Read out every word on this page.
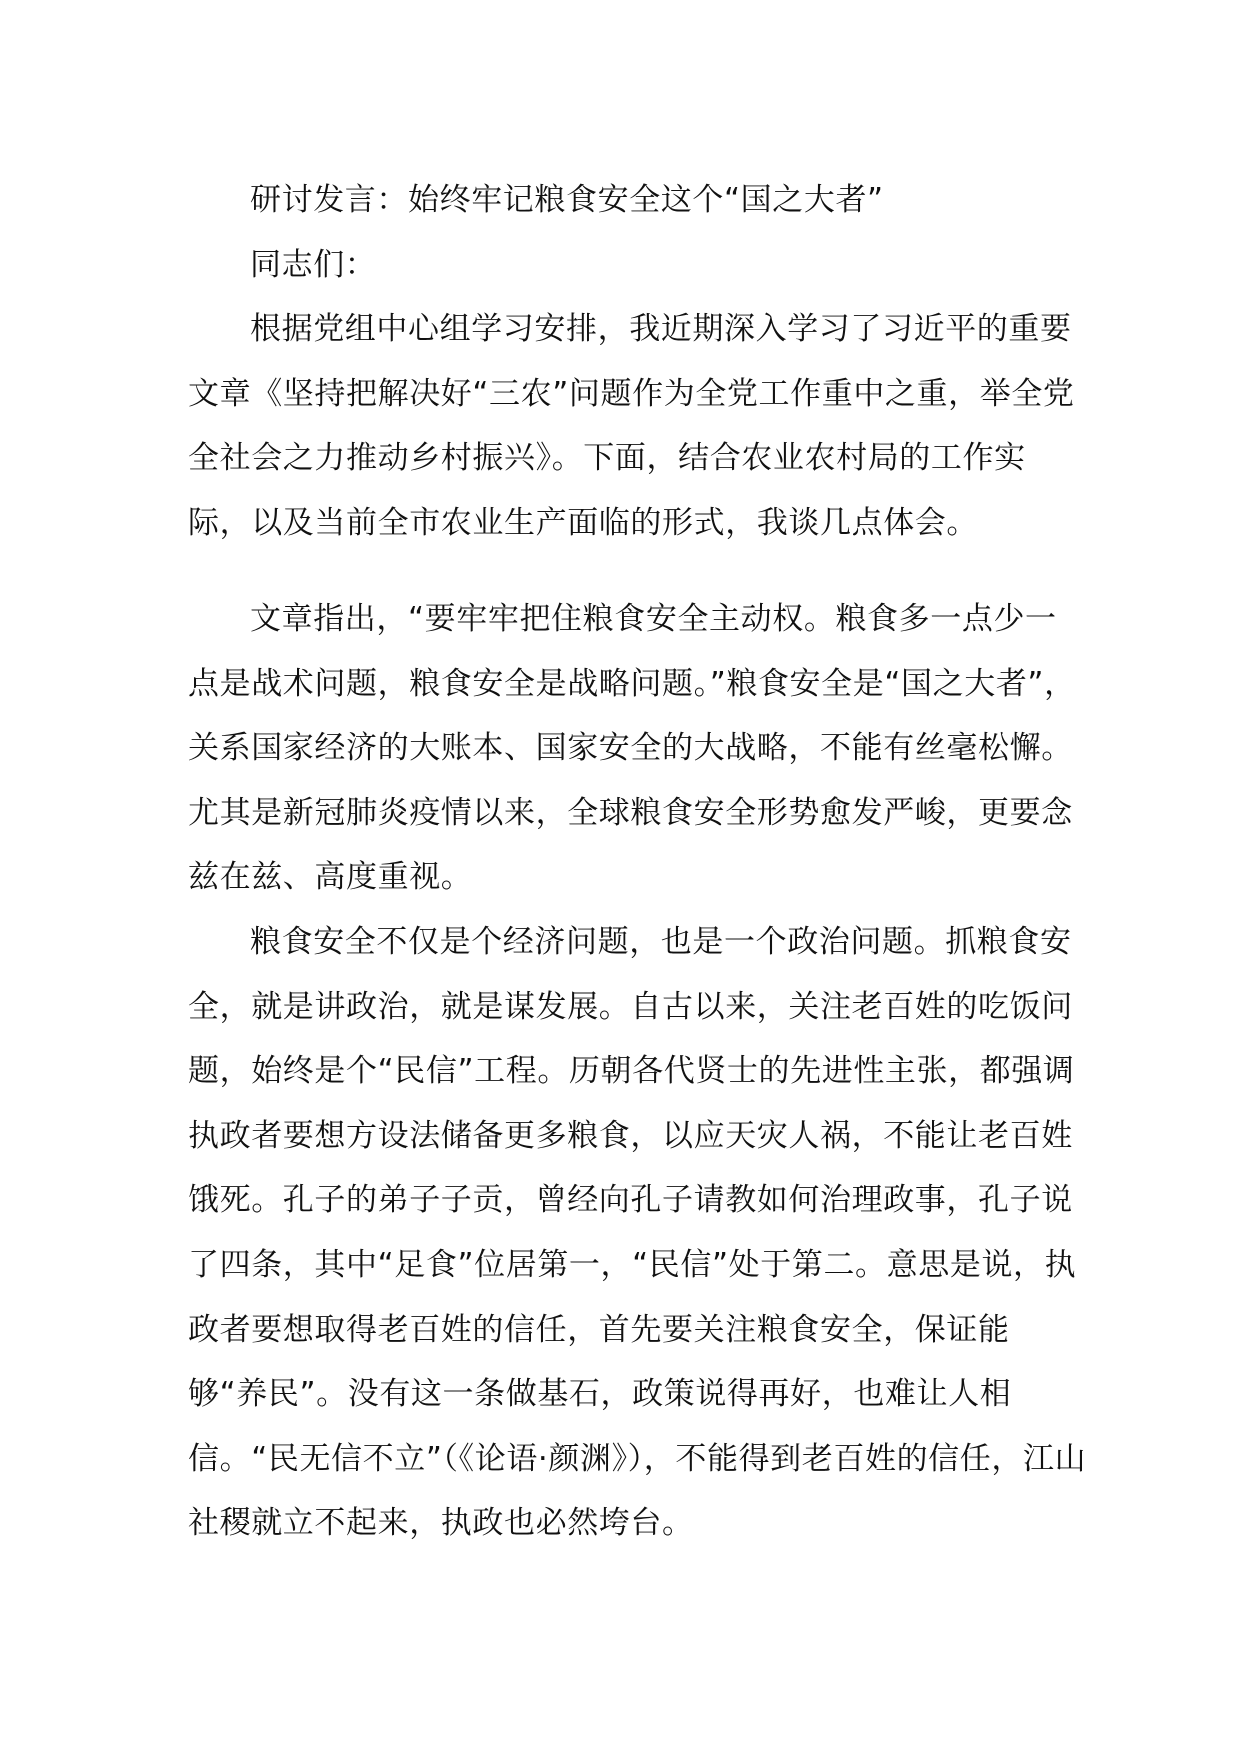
研讨发言：始终牢记粮食安全这个“国之大者”

同志们：

根据党组中心组学习安排，我近期深入学习了习近平的重要文章《坚持把解决好“三农”问题作为全党工作重中之重，举全党全社会之力推动乡村振兴》。下面，结合农业农村局的工作实际，以及当前全市农业生产面临的形式，我谈几点体会。

文章指出，“要牢牢把住粮食安全主动权。粮食多一点少一点是战术问题，粮食安全是战略问题。”粮食安全是“国之大者”，关系国家经济的大账本、国家安全的大战略，不能有丝毫松懈。尤其是新冠肺炎疫情以来，全球粮食安全形势愈发严峻，更要念兹在兹、高度重视。

粮食安全不仅是个经济问题，也是一个政治问题。抓粮食安全，就是讲政治，就是谋发展。自古以来，关注老百姓的吃饭问题，始终是个“民信”工程。历朝各代贤士的先进性主张，都强调执政者要想方设法储备更多粮食，以应天灾人祸，不能让老百姓饿死。孔子的弟子子贡，曾经向孔子请教如何治理政事，孔子说了四条，其中“足食”位居第一，“民信”处于第二。意思是说，执政者要想取得老百姓的信任，首先要关注粮食安全，保证能够“养民”。没有这一条做基石，政策说得再好，也难让人相信。“民无信不立”（《论语·颜渊》），不能得到老百姓的信任，江山社稷就立不起来，执政也必然垮台。
